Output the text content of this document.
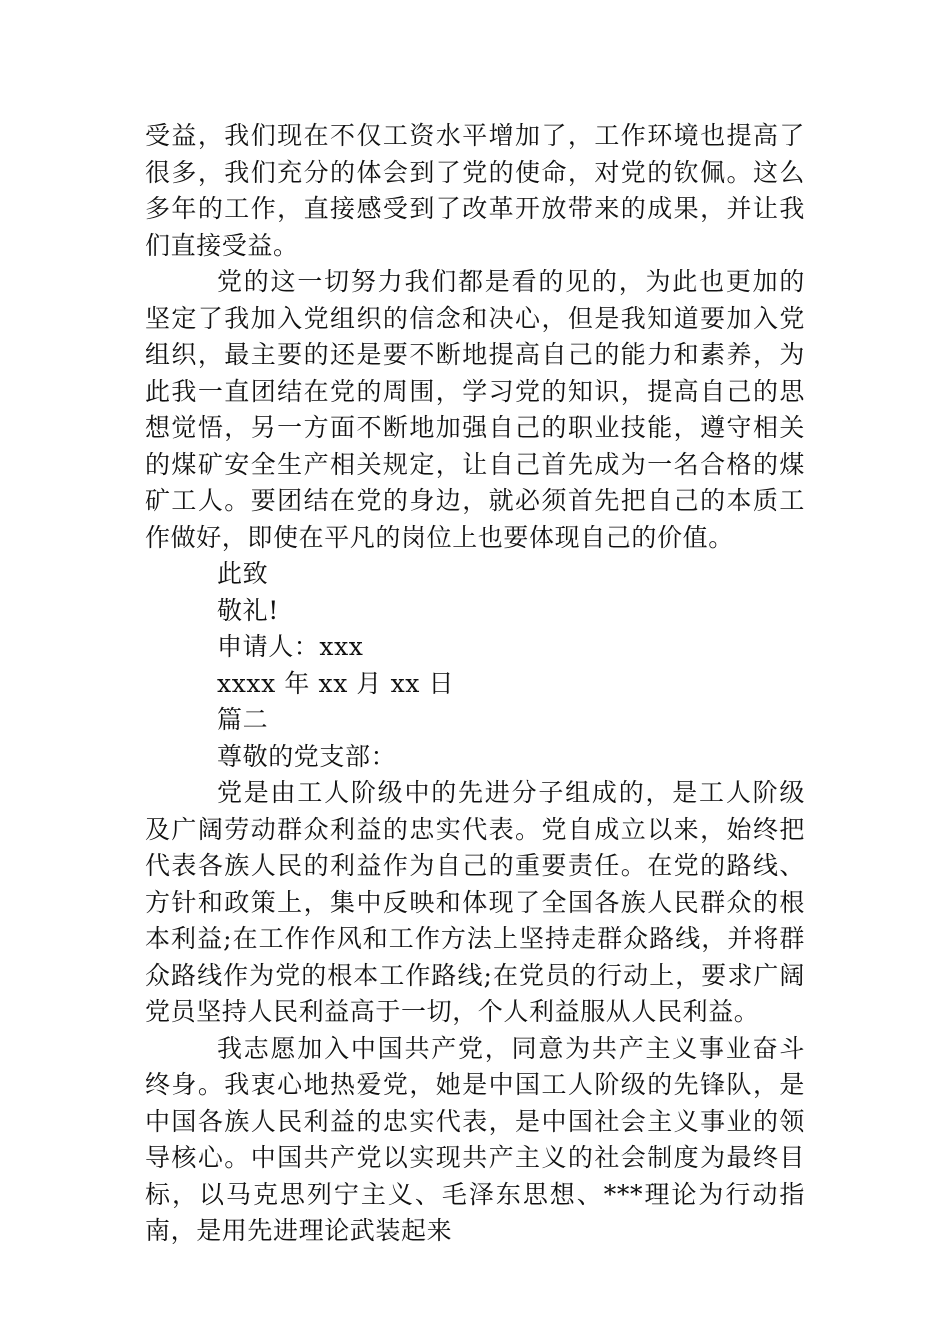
受益，我们现在不仅工资水平增加了，工作环境也提高了很多，我们充分的体会到了党的使命，对党的钦佩。这么多年的工作，直接感受到了改革开放带来的成果，并让我们直接受益。

党的这一切努力我们都是看的见的，为此也更加的坚定了我加入党组织的信念和决心，但是我知道要加入党组织，最主要的还是要不断地提高自己的能力和素养，为此我一直团结在党的周围，学习党的知识，提高自己的思想觉悟，另一方面不断地加强自己的职业技能，遵守相关的煤矿安全生产相关规定，让自己首先成为一名合格的煤矿工人。要团结在党的身边，就必须首先把自己的本质工作做好，即使在平凡的岗位上也要体现自己的价值。

此致

敬礼!

申请人：xxx

xxxx 年 xx 月 xx 日

篇二

尊敬的党支部：

党是由工人阶级中的先进分子组成的，是工人阶级及广阔劳动群众利益的忠实代表。党自成立以来，始终把代表各族人民的利益作为自己的重要责任。在党的路线、方针和政策上，集中反映和体现了全国各族人民群众的根本利益;在工作作风和工作方法上坚持走群众路线，并将群众路线作为党的根本工作路线;在党员的行动上，要求广阔党员坚持人民利益高于一切，个人利益服从人民利益。

我志愿加入中国共产党，同意为共产主义事业奋斗终身。我衷心地热爱党，她是中国工人阶级的先锋队，是中国各族人民利益的忠实代表，是中国社会主义事业的领导核心。中国共产党以实现共产主义的社会制度为最终目标，以马克思列宁主义、毛泽东思想、***理论为行动指南，是用先进理论武装起来
